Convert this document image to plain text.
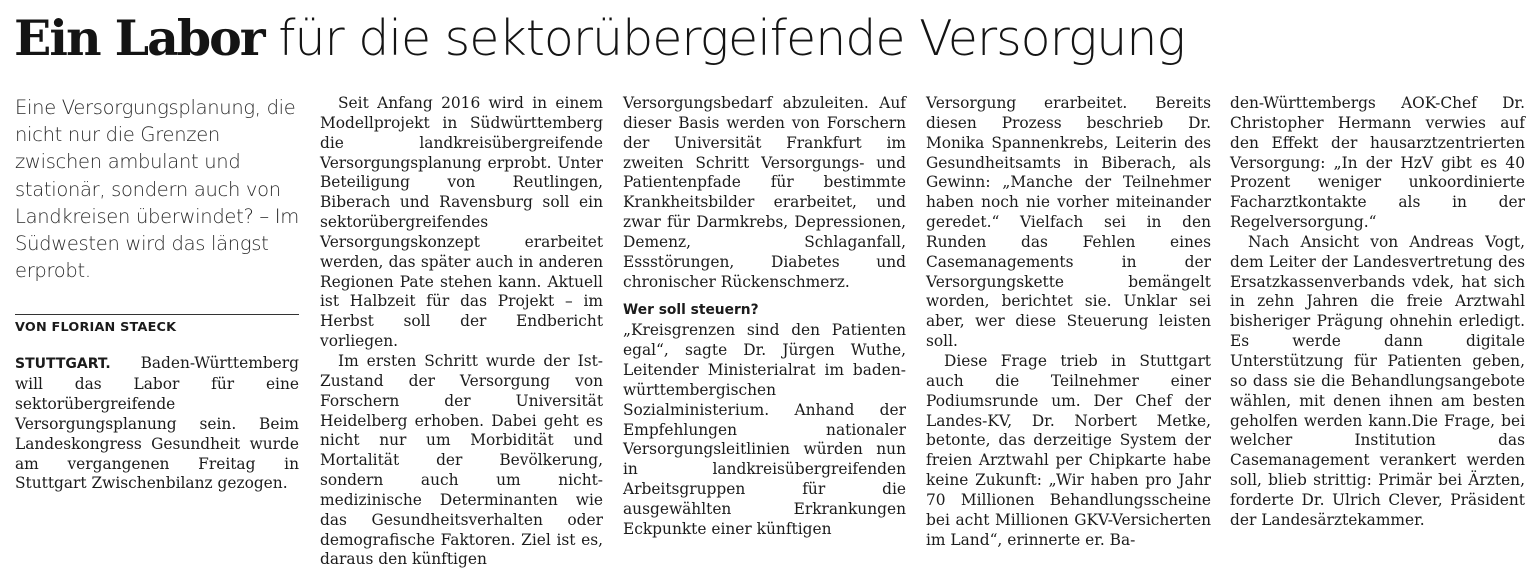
Ein Labor für die sektorübergeifende Versorgung

Eine Versorgungsplanung, die nicht nur die Grenzen zwischen ambulant und stationär, sondern auch von Landkreisen überwindet? – Im Südwesten wird das längst erprobt.

VON FLORIAN STAECK

STUTTGART. Baden-Württemberg will das Labor für eine sektorübergreifende Versorgungsplanung sein. Beim Landeskongress Gesundheit wurde am vergangenen Freitag in Stuttgart Zwischenbilanz gezogen.

Seit Anfang 2016 wird in einem Modellprojekt in Südwürttemberg die landkreisübergreifende Versorgungsplanung erprobt. Unter Beteiligung von Reutlingen, Biberach und Ravensburg soll ein sektorübergreifendes Versorgungskonzept erarbeitet werden, das später auch in anderen Regionen Pate stehen kann. Aktuell ist Halbzeit für das Projekt – im Herbst soll der Endbericht vorliegen.

Im ersten Schritt wurde der Ist-Zustand der Versorgung von Forschern der Universität Heidelberg erhoben. Dabei geht es nicht nur um Morbidität und Mortalität der Bevölkerung, sondern auch um nicht-medizinische Determinanten wie das Gesundheitsverhalten oder demografische Faktoren. Ziel ist es, daraus den künftigen

Versorgungsbedarf abzuleiten. Auf dieser Basis werden von Forschern der Universität Frankfurt im zweiten Schritt Versorgungs- und Patientenpfade für bestimmte Krankheitsbilder erarbeitet, und zwar für Darmkrebs, Depressionen, Demenz, Schlaganfall, Essstörungen, Diabetes und chronischer Rückenschmerz.

Wer soll steuern?

„Kreisgrenzen sind den Patienten egal“, sagte Dr. Jürgen Wuthe, Leitender Ministerialrat im baden-württembergischen Sozialministerium. Anhand der Empfehlungen nationaler Versorgungsleitlinien würden nun in landkreisübergreifenden Arbeitsgruppen für die ausgewählten Erkrankungen Eckpunkte einer künftigen

Versorgung erarbeitet. Bereits diesen Prozess beschrieb Dr. Monika Spannenkrebs, Leiterin des Gesundheitsamts in Biberach, als Gewinn: „Manche der Teilnehmer haben noch nie vorher miteinander geredet.“ Vielfach sei in den Runden das Fehlen eines Casemanagements in der Versorgungskette bemängelt worden, berichtet sie. Unklar sei aber, wer diese Steuerung leisten soll.

Diese Frage trieb in Stuttgart auch die Teilnehmer einer Podiumsrunde um. Der Chef der Landes-KV, Dr. Norbert Metke, betonte, das derzeitige System der freien Arztwahl per Chipkarte habe keine Zukunft: „Wir haben pro Jahr 70 Millionen Behandlungsscheine bei acht Millionen GKV-Versicherten im Land“, erinnerte er. Ba-

den-Württembergs AOK-Chef Dr. Christopher Hermann verwies auf den Effekt der hausarztzentrierten Versorgung: „In der HzV gibt es 40 Prozent weniger unkoordinierte Facharztkontakte als in der Regelversorgung.“

Nach Ansicht von Andreas Vogt, dem Leiter der Landesvertretung des Ersatzkassenverbands vdek, hat sich in zehn Jahren die freie Arztwahl bisheriger Prägung ohnehin erledigt. Es werde dann digitale Unterstützung für Patienten geben, so dass sie die Behandlungsangebote wählen, mit denen ihnen am besten geholfen werden kann.Die Frage, bei welcher Institution das Casemanagement verankert werden soll, blieb strittig: Primär bei Ärzten, forderte Dr. Ulrich Clever, Präsident der Landesärztekammer.
